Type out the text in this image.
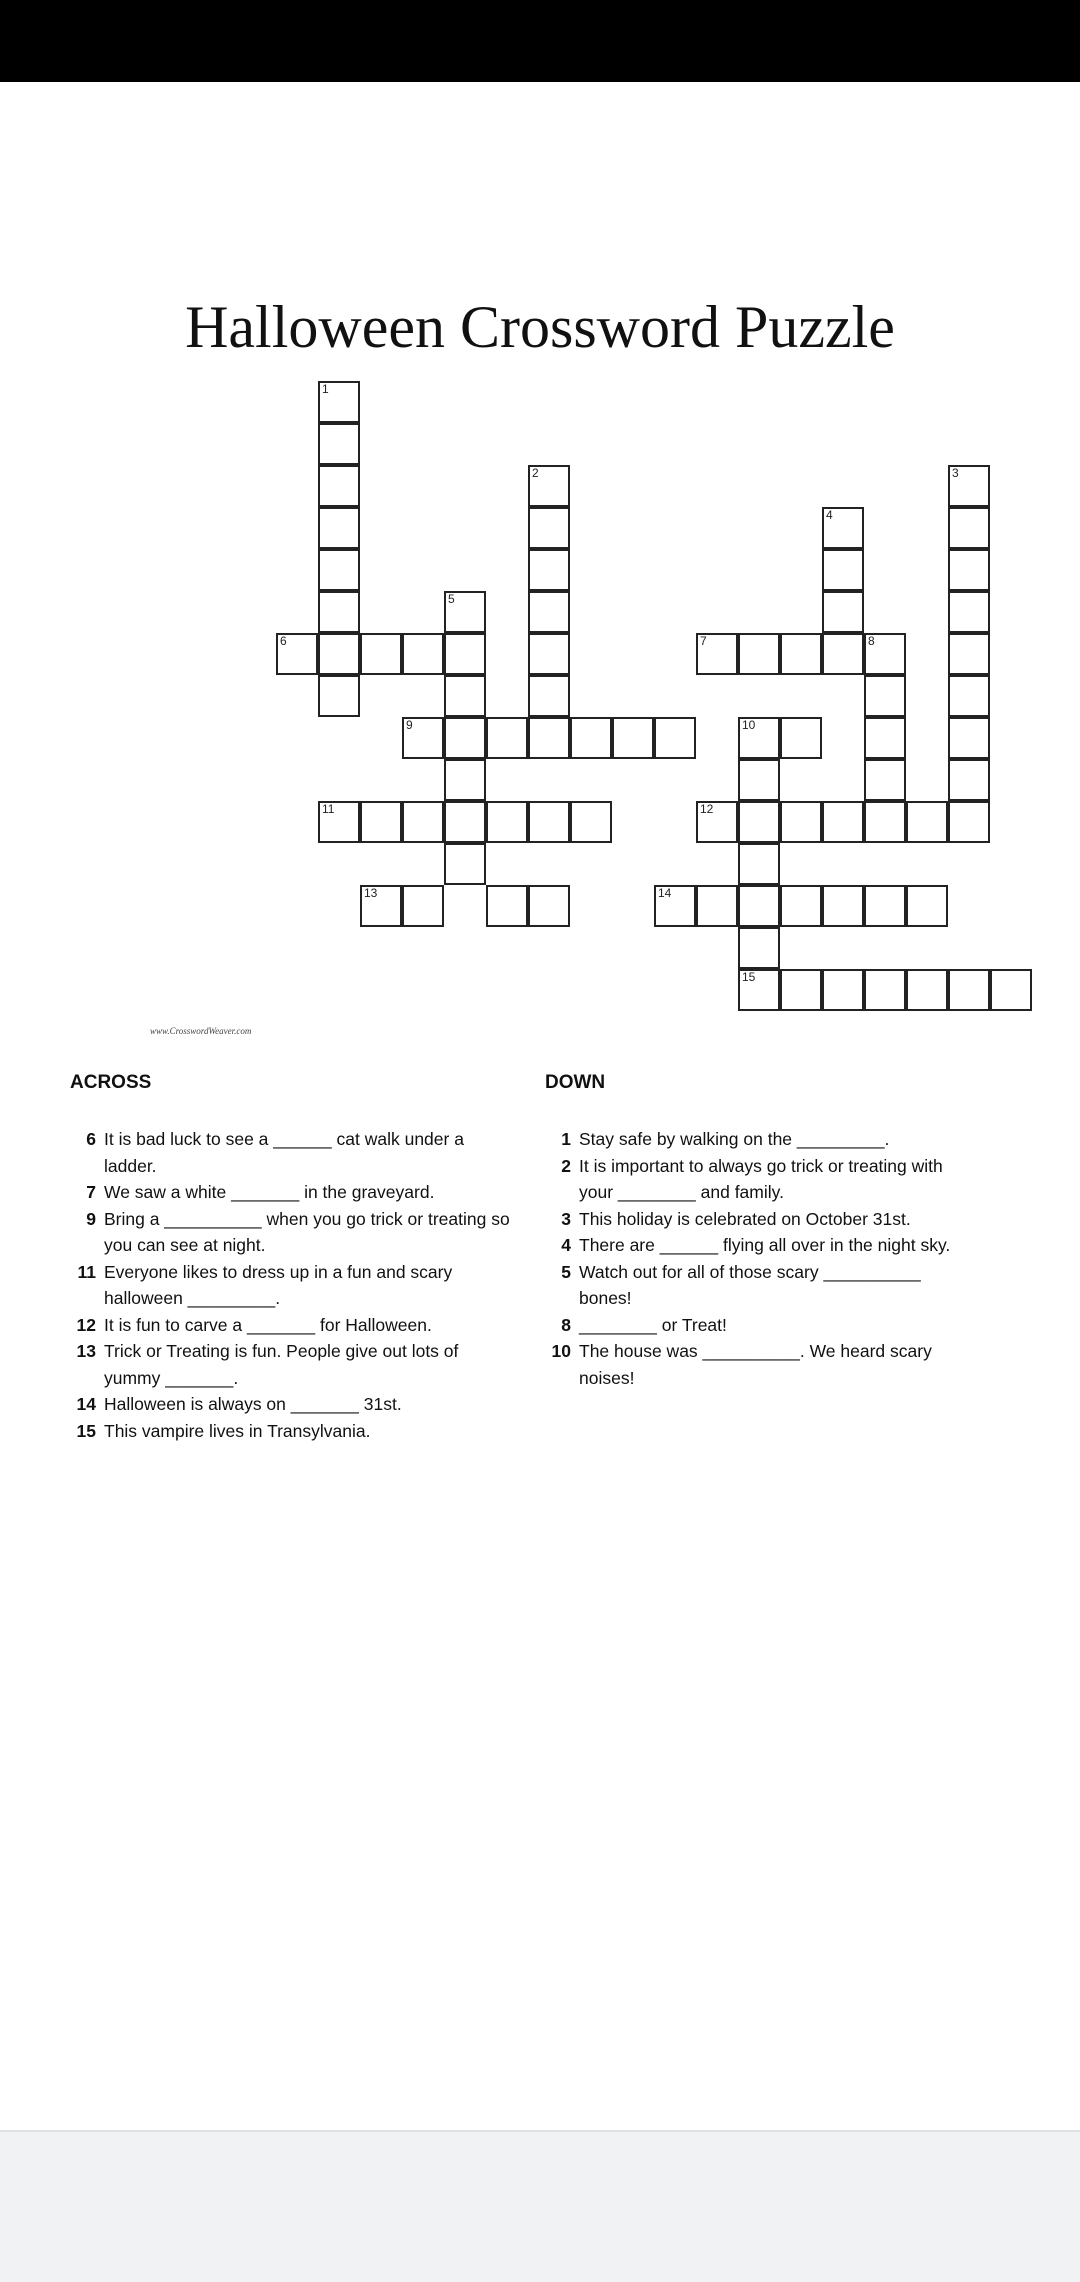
Halloween Crossword Puzzle
1
2	3
4
5
6	7	8
9	10
11	12
13	14
15
www.CrosswordWeaver.com
ACROSS	DOWN
6 It is bad luck to see a ______ cat walk under a ladder.
7 We saw a white _______ in the graveyard.
9 Bring a __________ when you go trick or treating so you can see at night.
11 Everyone likes to dress up in a fun and scary halloween _________.
12 It is fun to carve a _______ for Halloween.
13 Trick or Treating is fun. People give out lots of yummy _______.
14 Halloween is always on _______ 31st.
15 This vampire lives in Transylvania.
1 Stay safe by walking on the _________.
2 It is important to always go trick or treating with your ________ and family.
3 This holiday is celebrated on October 31st.
4 There are ______ flying all over in the night sky.
5 Watch out for all of those scary __________ bones!
8 ________ or Treat!
10 The house was __________. We heard scary noises!
